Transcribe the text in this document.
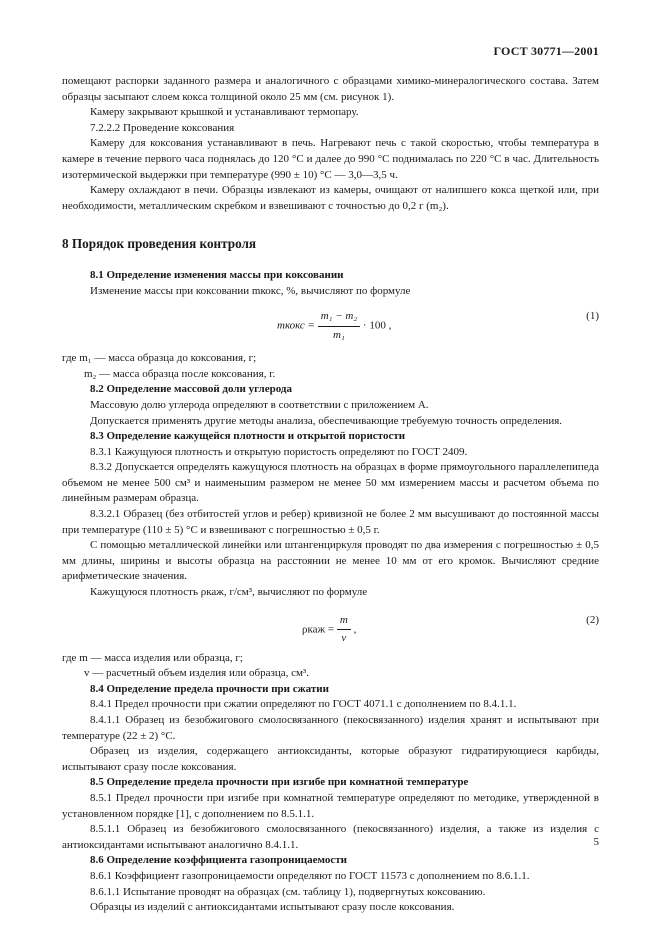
ГОСТ 30771—2001

помещают распорки заданного размера и аналогичного с образцами химико-минералогического состава. Затем образцы засыпают слоем кокса толщиной около 25 мм (см. рисунок 1).

Камеру закрывают крышкой и устанавливают термопару.

7.2.2.2 Проведение коксования

Камеру для коксования устанавливают в печь. Нагревают печь с такой скоростью, чтобы температура в камере в течение первого часа поднялась до 120 °С и далее до 990 °С поднималась по 220 °С в час. Длительность изотермической выдержки при температуре (990 ± 10) °С — 3,0—3,5 ч.

Камеру охлаждают в печи. Образцы извлекают из камеры, очищают от налипшего кокса щеткой или, при необходимости, металлическим скребком и взвешивают с точностью до 0,2 г (m₂).

8 Порядок проведения контроля

8.1 Определение изменения массы при коксовании

Изменение массы при коксовании mкокс, %, вычисляют по формуле

mкокс = $\frac{\text{m₁ − m₂}}{\text{m₁}} \cdot 100$ ,
(1)

где m₁ — масса образца до коксования, г;

m₂ — масса образца после коксования, г.

8.2 Определение массовой доли углерода

Массовую долю углерода определяют в соответствии с приложением А.

Допускается применять другие методы анализа, обеспечивающие требуемую точность определения.

8.3 Определение кажущейся плотности и открытой пористости

8.3.1 Кажущуюся плотность и открытую пористость определяют по ГОСТ 2409.

8.3.2 Допускается определять кажущуюся плотность на образцах в форме прямоугольного параллелепипеда объемом не менее 500 см³ и наименьшим размером не менее 50 мм измерением массы и расчетом объема по линейным размерам образца.

8.3.2.1 Образец (без отбитостей углов и ребер) кривизной не более 2 мм высушивают до постоянной массы при температуре (110 ± 5) °С и взвешивают с погрешностью ± 0,5 г.

С помощью металлической линейки или штангенциркуля проводят по два измерения с погрешностью ± 0,5 мм длины, ширины и высоты образца на расстоянии не менее 10 мм от его кромок. Вычисляют средние арифметические значения.

Кажущуюся плотность ρкаж, г/см³, вычисляют по формуле

$\rho каж = \frac{m}{v}$ ,
(2)

где m — масса изделия или образца, г;

v — расчетный объем изделия или образца, см³.

8.4 Определение предела прочности при сжатии

8.4.1 Предел прочности при сжатии определяют по ГОСТ 4071.1 с дополнением по 8.4.1.1.

8.4.1.1 Образец из безобжигового смолосвязанного (пекосвязанного) изделия хранят и испытывают при температуре (22 ± 2) °С.

Образец из изделия, содержащего антиоксиданты, которые образуют гидратирующиеся карбиды, испытывают сразу после коксования.

8.5 Определение предела прочности при изгибе при комнатной температуре

8.5.1 Предел прочности при изгибе при комнатной температуре определяют по методике, утвержденной в установленном порядке [1], с дополнением по 8.5.1.1.

8.5.1.1 Образец из безобжигового смолосвязанного (пекосвязанного) изделия, а также из изделия с антиоксидантами испытывают аналогично 8.4.1.1.

8.6 Определение коэффициента газопроницаемости

8.6.1 Коэффициент газопроницаемости определяют по ГОСТ 11573 с дополнением по 8.6.1.1.

8.6.1.1 Испытание проводят на образцах (см. таблицу 1), подвергнутых коксованию.

Образцы из изделий с антиоксидантами испытывают сразу после коксования.

5
